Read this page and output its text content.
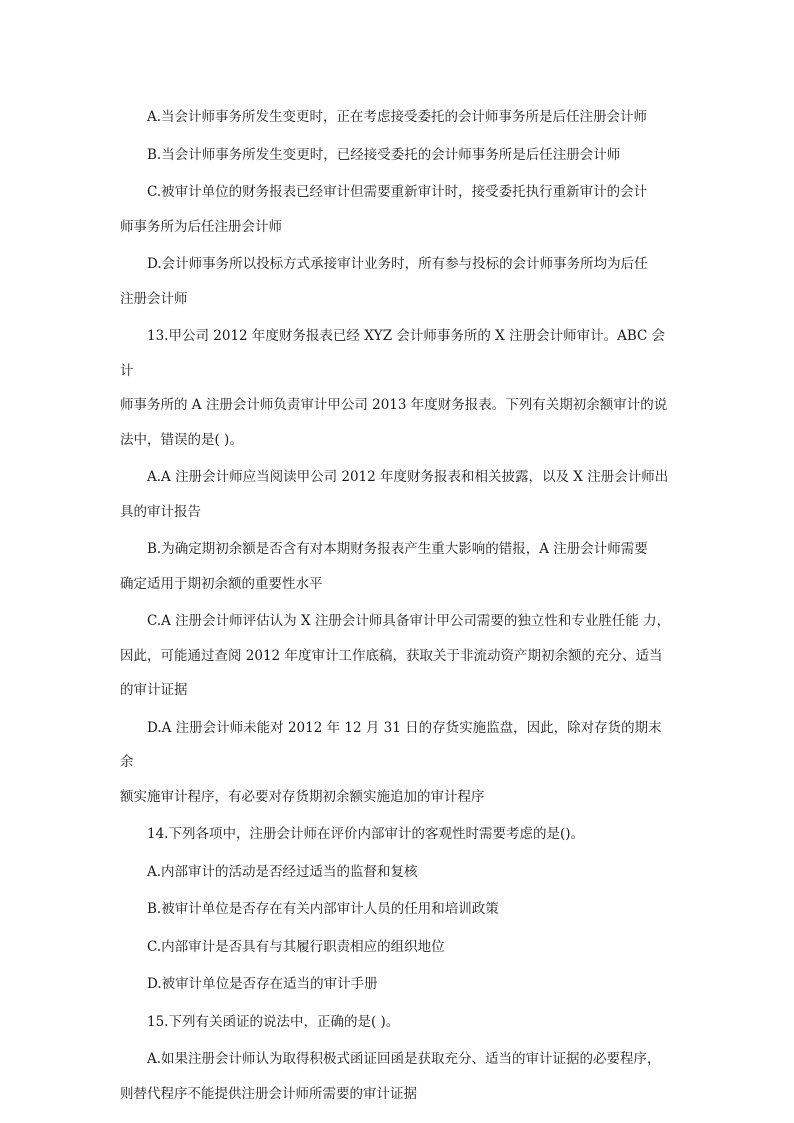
A.当会计师事务所发生变更时，正在考虑接受委托的会计师事务所是后任注册会计师

B.当会计师事务所发生变更时，已经接受委托的会计师事务所是后任注册会计师

C.被审计单位的财务报表已经审计但需要重新审计时，接受委托执行重新审计的会计
师事务所为后任注册会计师

D.会计师事务所以投标方式承接审计业务时，所有参与投标的会计师事务所均为后任
注册会计师

13.甲公司 2012 年度财务报表已经 XYZ 会计师事务所的 X 注册会计师审计。ABC 会计
师事务所的 A 注册会计师负责审计甲公司 2013 年度财务报表。下列有关期初余额审计的说
法中，错误的是( )。

A.A 注册会计师应当阅读甲公司 2012 年度财务报表和相关披露，以及 X 注册会计师出
具的审计报告

B.为确定期初余额是否含有对本期财务报表产生重大影响的错报，A 注册会计师需要
确定适用于期初余额的重要性水平

C.A 注册会计师评估认为 X 注册会计师具备审计甲公司需要的独立性和专业胜任能 力，
因此，可能通过查阅 2012 年度审计工作底稿，获取关于非流动资产期初余额的充分、适当
的审计证据

D.A 注册会计师未能对 2012 年 12 月 31 日的存货实施监盘，因此，除对存货的期末余
额实施审计程序，有必要对存货期初余额实施追加的审计程序

14.下列各项中，注册会计师在评价内部审计的客观性时需要考虑的是()。

A.内部审计的活动是否经过适当的监督和复核

B.被审计单位是否存在有关内部审计人员的任用和培训政策

C.内部审计是否具有与其履行职责相应的组织地位

D.被审计单位是否存在适当的审计手册

15.下列有关函证的说法中，正确的是( )。

A.如果注册会计师认为取得积极式函证回函是获取充分、适当的审计证据的必要程序，
则替代程序不能提供注册会计师所需要的审计证据
